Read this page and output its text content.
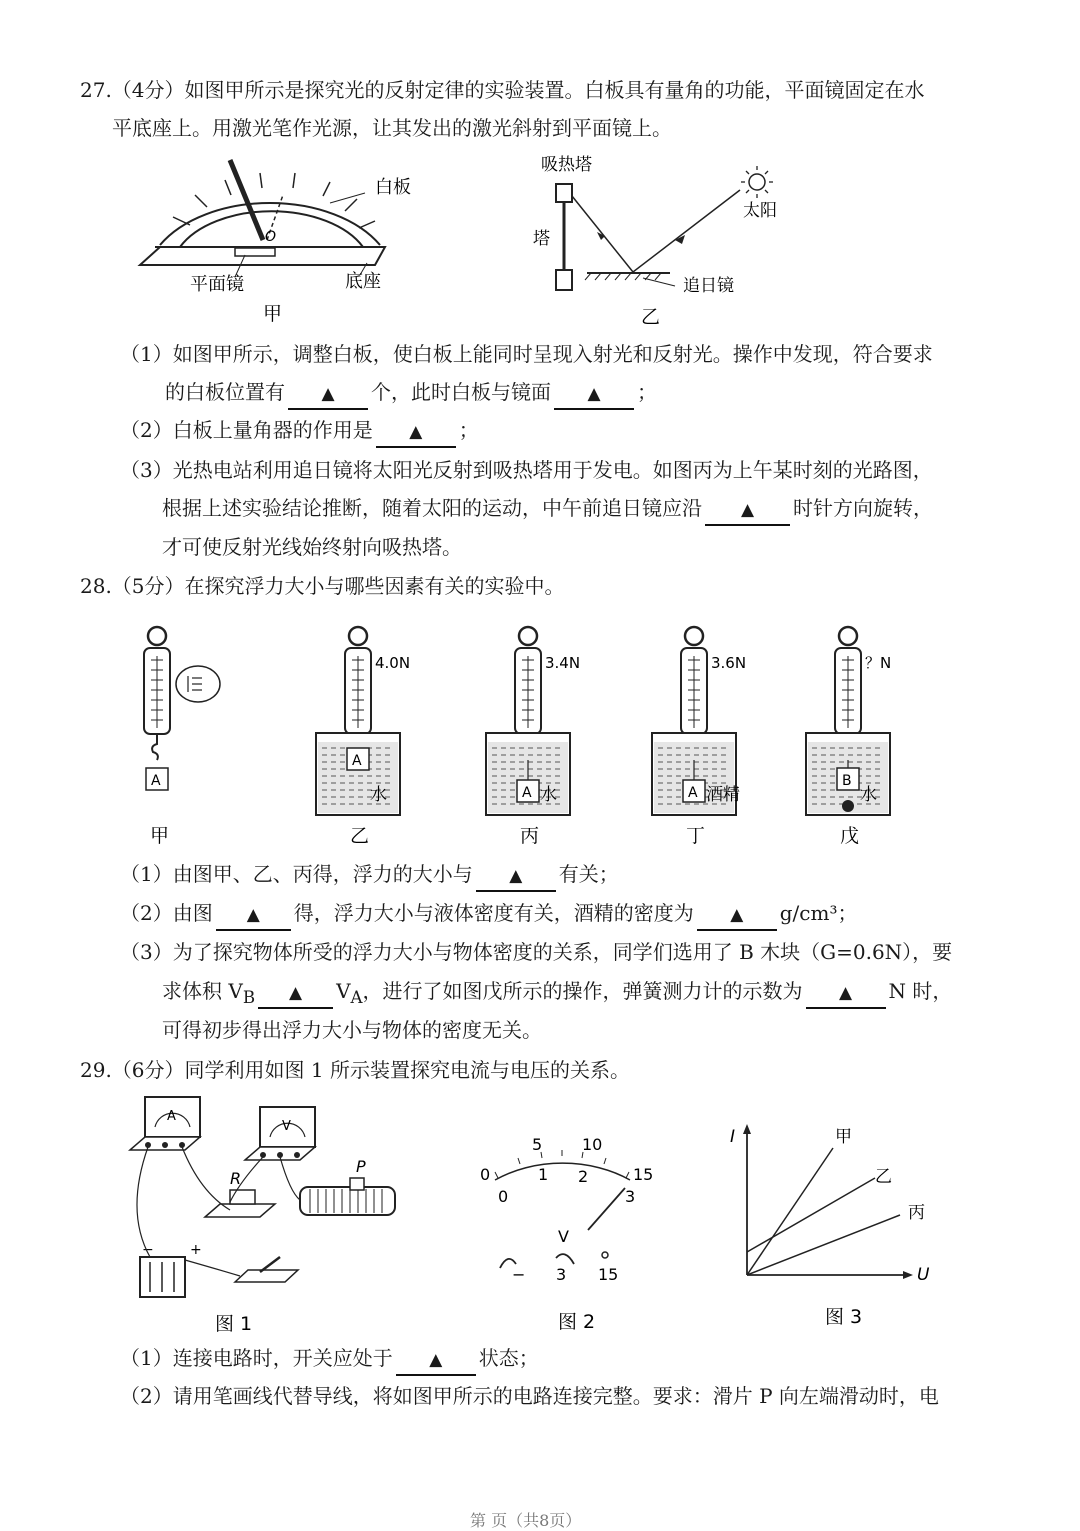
27.（4分）如图甲所示是探究光的反射定律的实验装置。白板具有量角的功能，平面镜固定在水
平底座上。用激光笔作光源，让其发出的激光斜射到平面镜上。
O
白板
平面镜	底座
甲
吸热塔
塔
太阳
追日镜
乙
（1）如图甲所示，调整白板，使白板上能同时呈现入射光和反射光。操作中发现，符合要求
的白板位置有▲	个，此时白板与镜面▲	；
（2）白板上量角器的作用是▲	；
（3）光热电站利用追日镜将太阳光反射到吸热塔用于发电。如图丙为上午某时刻的光路图，
根据上述实验结论推断，随着太阳的运动，中午前追日镜应沿▲	时针方向旋转，
才可使反射光线始终射向吸热塔。
28.（5分）在探究浮力大小与哪些因素有关的实验中。
A
甲
4.0N
A
水
乙
3.4N
A 水
丙
3.6N
A 酒精
丁
？N
B
水
戊
（1）由图甲、乙、丙得，浮力的大小与▲	有关；
（2）由图▲	得，浮力大小与液体密度有关，酒精的密度为▲	g/cm³；
（3）为了探究物体所受的浮力大小与物体密度的关系，同学们选用了 B 木块（G=0.6N），要
求体积 $V_B▲$	$V_A$，进行了如图戊所示的操作，弹簧测力计的示数为▲	N 时，
可得初步得出浮力大小与物体的密度无关。
29.（6分）同学利用如图 1 所示装置探究电流与电压的关系。
A
V
R
P
−	+
图 1
0
5 10
15
0
1 2
3
V
− 3 15
图 2
I
U
甲
乙
丙
图 3
（1）连接电路时，开关应处于▲	状态；
（2）请用笔画线代替导线，将如图甲所示的电路连接完整。要求：滑片 P 向左端滑动时，电
第 页（共8页）
